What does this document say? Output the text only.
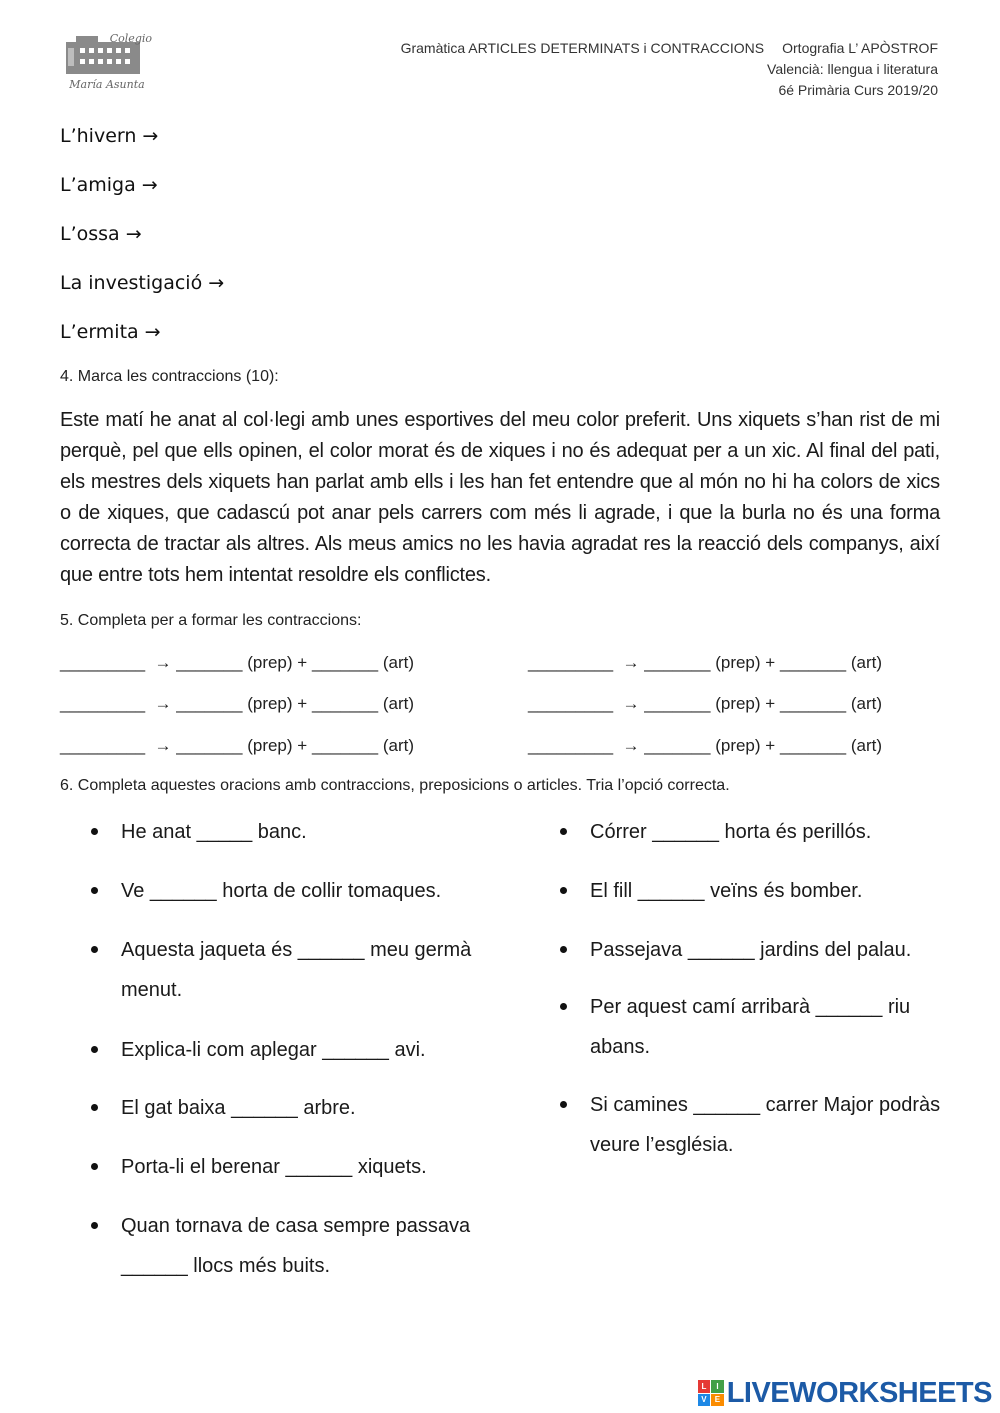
Colegio
María Asunta
Gramàtica ARTICLES DETERMINATS i CONTRACCIONS Ortografia L’ APÒSTROF
Valencià: llengua i literatura
6é Primària Curs 2019/20
L’hivern →
L’amiga →
L’ossa →
La investigació →
L’ermita →
4. Marca les contraccions (10):
Este matí he anat al col·legi amb unes esportives del meu color preferit. Uns xiquets s’han rist de mi perquè, pel que ells opinen, el color morat és de xiques i no és adequat per a un xic. Al final del pati, els mestres dels xiquets han parlat amb ells i les han fet entendre que al món no hi ha colors de xics o de xiques, que cadascú pot anar pels carrers com més li agrade, i que la burla no és una forma correcta de tractar als altres. Als meus amics no les havia agradat res la reacció dels companys, així que entre tots hem intentat resoldre els conflictes.
5. Completa per a formar les contraccions:
_________ → _______ (prep) + _______ (art)	_________ → _______ (prep) + _______ (art)
_________ → _______ (prep) + _______ (art)	_________ → _______ (prep) + _______ (art)
_________ → _______ (prep) + _______ (art)	_________ → _______ (prep) + _______ (art)
6. Completa aquestes oracions amb contraccions, preposicions o articles. Tria l’opció correcta.
He anat _____ banc.
Ve ______ horta de collir tomaques.
Aquesta jaqueta és ______ meu germà
menut.
Explica-li com aplegar ______ avi.
El gat baixa ______ arbre.
Porta-li el berenar ______ xiquets.
Quan tornava de casa sempre passava
______ llocs més buits.
Córrer ______ horta és perillós.
El fill ______ veïns és bomber.
Passejava ______ jardins del palau.
Per aquest camí arribarà ______ riu
abans.
Si camines ______ carrer Major podràs
veure l’església.
L	I
V	E LIVEWORKSHEETS
